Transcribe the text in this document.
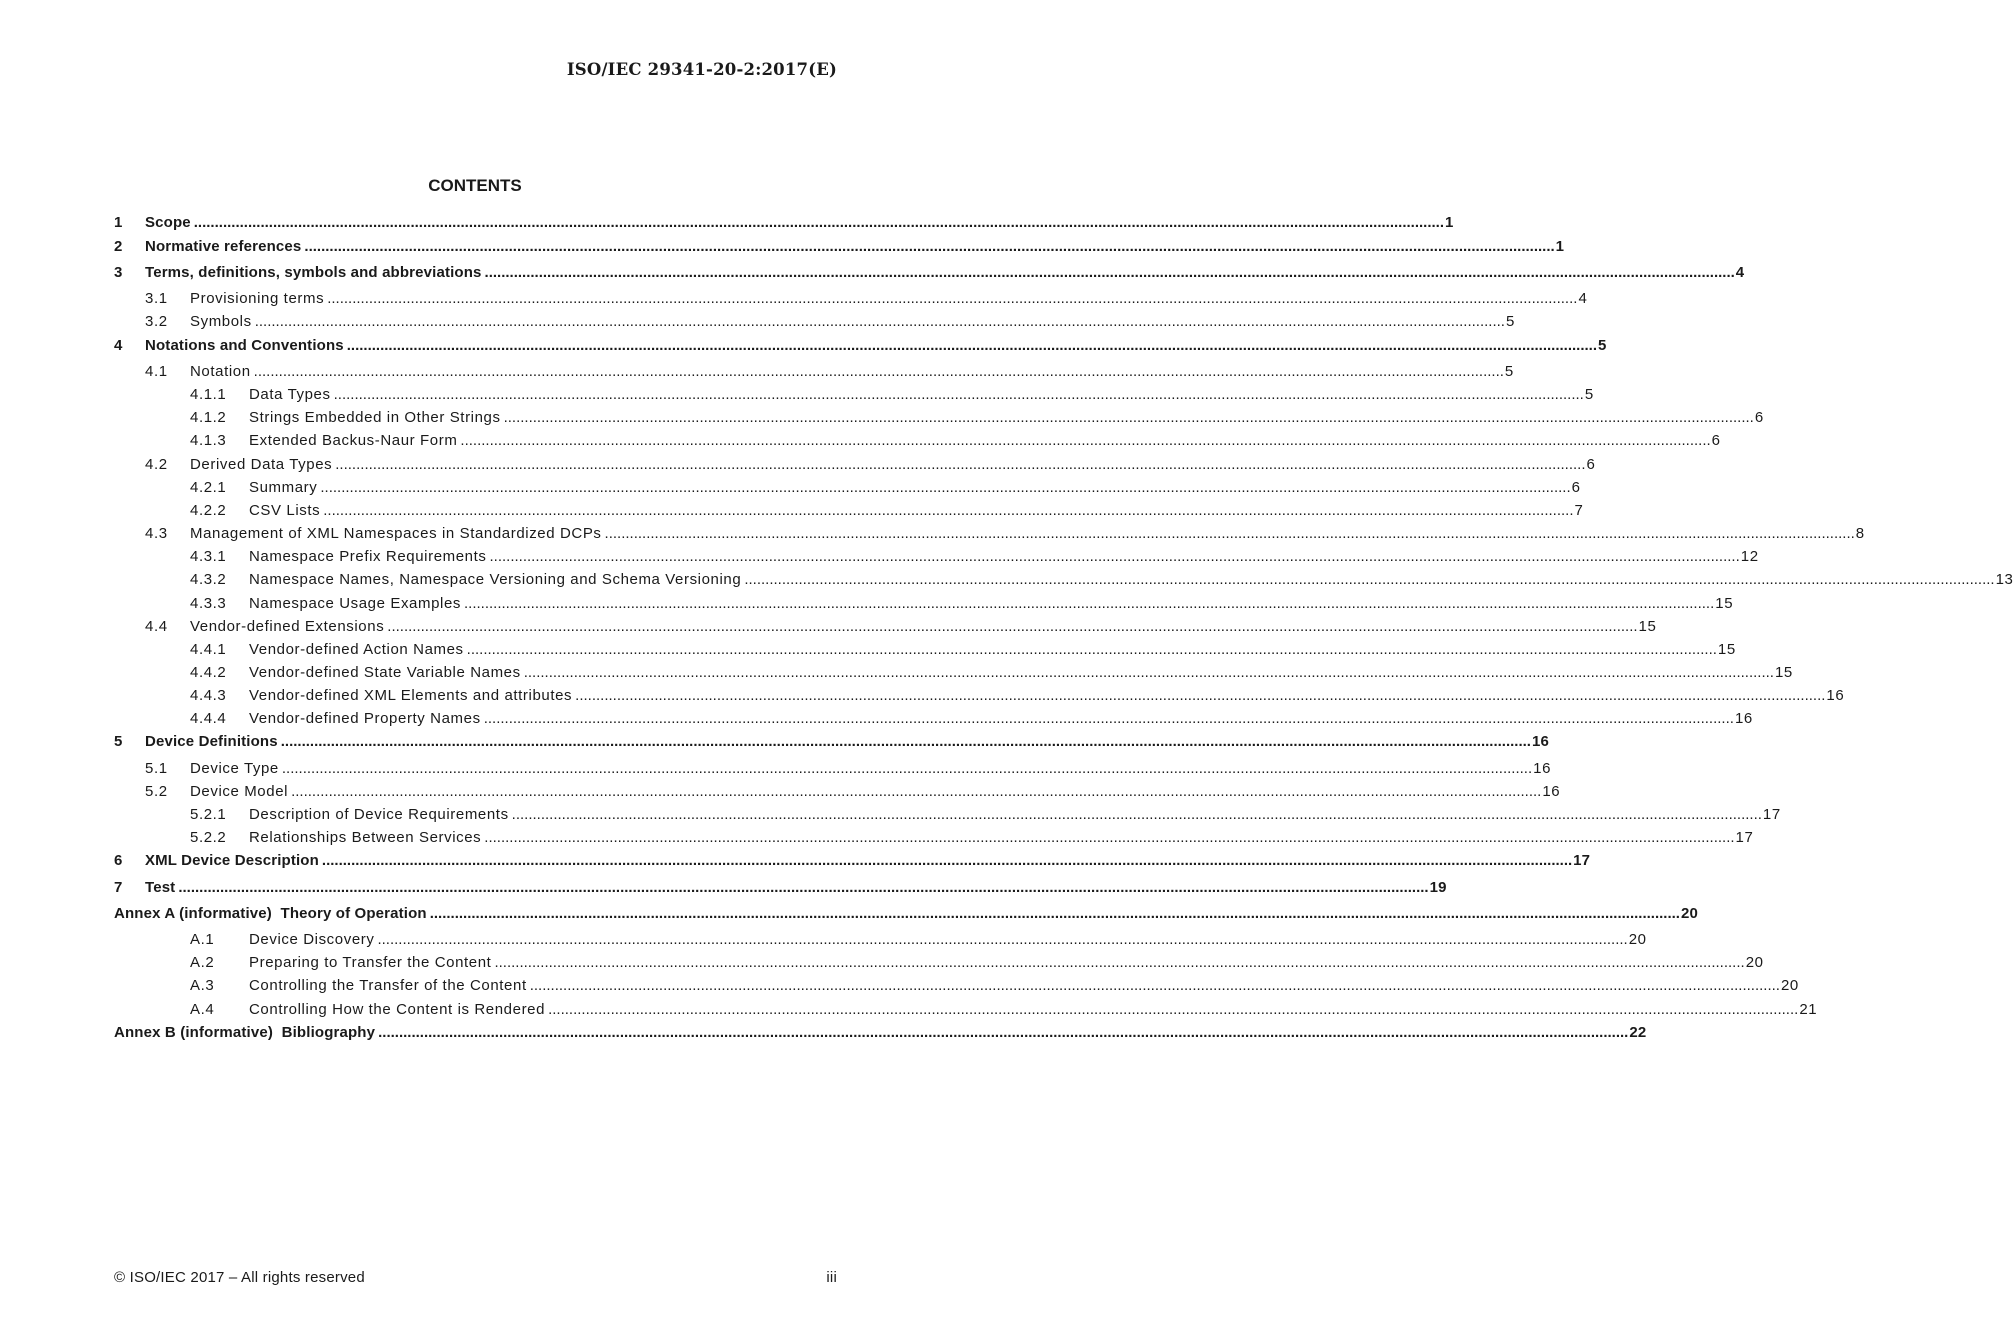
ISO/IEC 29341-20-2:2017(E)
CONTENTS
1 Scope ............................................................................................................................................................................................................................................................................................................ 1
2 Normative references ............................................................................................................................................................................................................................................................................................................ 1
3 Terms, definitions, symbols and abbreviations ............................................................................................................................................................................................................................................................................................................ 4
3.1 Provisioning terms ............................................................................................................................................................................................................................................................................................................ 4
3.2 Symbols ............................................................................................................................................................................................................................................................................................................ 5
4 Notations and Conventions ............................................................................................................................................................................................................................................................................................................ 5
4.1 Notation ............................................................................................................................................................................................................................................................................................................ 5
4.1.1 Data Types ............................................................................................................................................................................................................................................................................................................ 5
4.1.2 Strings Embedded in Other Strings ............................................................................................................................................................................................................................................................................................................ 6
4.1.3 Extended Backus-Naur Form ............................................................................................................................................................................................................................................................................................................ 6
4.2 Derived Data Types ............................................................................................................................................................................................................................................................................................................ 6
4.2.1 Summary ............................................................................................................................................................................................................................................................................................................ 6
4.2.2 CSV Lists ............................................................................................................................................................................................................................................................................................................ 7
4.3 Management of XML Namespaces in Standardized DCPs ............................................................................................................................................................................................................................................................................................................ 8
4.3.1 Namespace Prefix Requirements ............................................................................................................................................................................................................................................................................................................ 12
4.3.2 Namespace Names, Namespace Versioning and Schema Versioning ............................................................................................................................................................................................................................................................................................................ 13
4.3.3 Namespace Usage Examples ............................................................................................................................................................................................................................................................................................................ 15
4.4 Vendor-defined Extensions ............................................................................................................................................................................................................................................................................................................ 15
4.4.1 Vendor-defined Action Names ............................................................................................................................................................................................................................................................................................................ 15
4.4.2 Vendor-defined State Variable Names ............................................................................................................................................................................................................................................................................................................ 15
4.4.3 Vendor-defined XML Elements and attributes ............................................................................................................................................................................................................................................................................................................ 16
4.4.4 Vendor-defined Property Names ............................................................................................................................................................................................................................................................................................................ 16
5 Device Definitions ............................................................................................................................................................................................................................................................................................................ 16
5.1 Device Type ............................................................................................................................................................................................................................................................................................................ 16
5.2 Device Model ............................................................................................................................................................................................................................................................................................................ 16
5.2.1 Description of Device Requirements ............................................................................................................................................................................................................................................................................................................ 17
5.2.2 Relationships Between Services ............................................................................................................................................................................................................................................................................................................ 17
6 XML Device Description ............................................................................................................................................................................................................................................................................................................ 17
7 Test ............................................................................................................................................................................................................................................................................................................ 19
Annex A (informative)  Theory of Operation ............................................................................................................................................................................................................................................................................................................ 20
A.1 Device Discovery ............................................................................................................................................................................................................................................................................................................ 20
A.2 Preparing to Transfer the Content ............................................................................................................................................................................................................................................................................................................ 20
A.3 Controlling the Transfer of the Content ............................................................................................................................................................................................................................................................................................................ 20
A.4 Controlling How the Content is Rendered ............................................................................................................................................................................................................................................................................................................ 21
Annex B (informative)  Bibliography ............................................................................................................................................................................................................................................................................................................ 22
© ISO/IEC 2017 – All rights reserved	iii
